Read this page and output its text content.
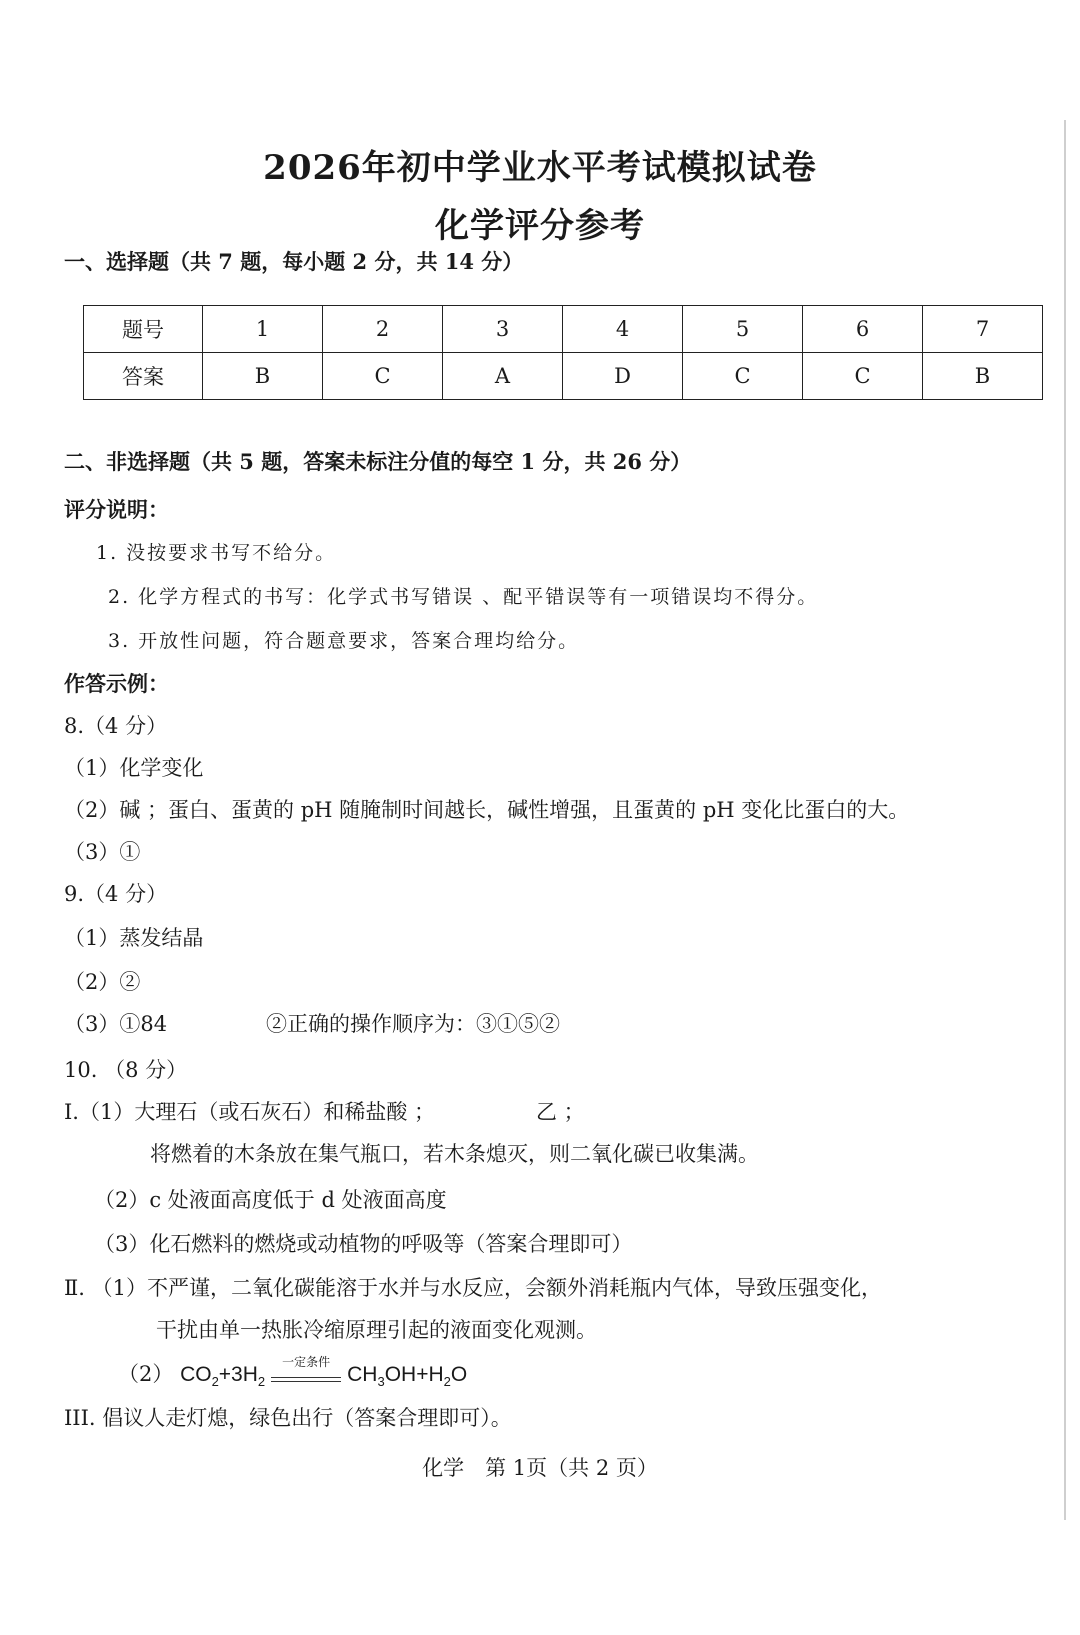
2026年初中学业水平考试模拟试卷
化学评分参考
一、选择题（共 7 题，每小题 2 分，共 14 分）
题号	1	2	3	4	5	6	7
答案	B	C	A	D	C	C	B
二、非选择题（共 5 题，答案未标注分值的每空 1 分，共 26 分）
评分说明：
1. 没按要求书写不给分。
2. 化学方程式的书写：化学式书写错误 、配平错误等有一项错误均不得分。
3. 开放性问题，符合题意要求，答案合理均给分。
作答示例：
8.（4 分）
（1）化学变化
（2）碱 ；蛋白、蛋黄的 pH 随腌制时间越长，碱性增强，且蛋黄的 pH 变化比蛋白的大。
（3）①
9.（4 分）
（1）蒸发结晶
（2）②
（3）①84	②正确的操作顺序为：③①⑤②
10. （8 分）
Ⅰ.（1）大理石（或石灰石）和稀盐酸 ；	乙 ；
将燃着的木条放在集气瓶口，若木条熄灭，则二氧化碳已收集满。
（2）c 处液面高度低于 d 处液面高度
（3）化石燃料的燃烧或动植物的呼吸等（答案合理即可）
Ⅱ. （1）不严谨，二氧化碳能溶于水并与水反应，会额外消耗瓶内气体，导致压强变化，
干扰由单一热胀冷缩原理引起的液面变化观测。
（2） $CO_2+3H_2$
一定条件
$CH_3OH+H_2O$
III. 倡议人走灯熄，绿色出行（答案合理即可）。
化学　第 1页（共 2 页）
